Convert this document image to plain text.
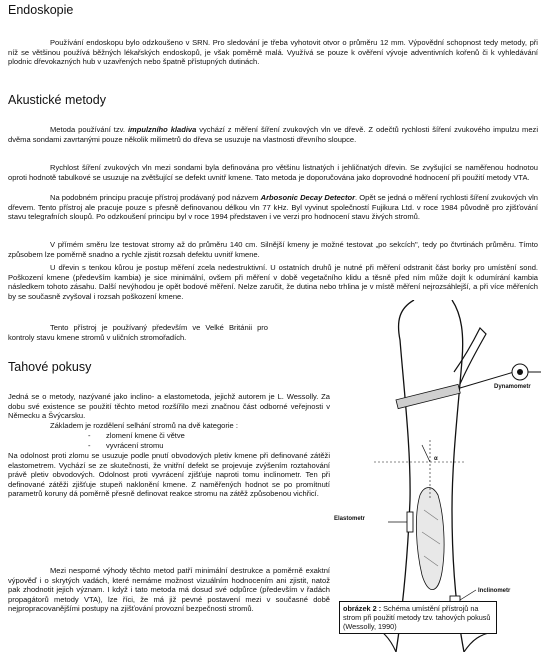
Endoskopie

Používání endoskopu bylo odzkoušeno v SRN. Pro sledování je třeba vyhotovit otvor o průměru 12 mm. Výpovědní schopnost tedy metody, při níž se většinou používá běžných lékařských endoskopů, je však poměrně malá. Využívá se pouze k ověření vývoje adventivních kořenů či k vyhledávání plodnic dřevokazných hub v uzavřených nebo špatně přístupných dutinách.

Akustické metody

Metoda používání tzv. impulzního kladiva vychází z měření šíření zvukových vln ve dřevě. Z odečtů rychlosti šíření zvukového impulzu mezi dvěma sondami zavrtanými pouze několik milimetrů do dřeva se usuzuje na vlastnosti dřevního sloupce.

Rychlost šíření zvukových vln mezi sondami byla definována pro většinu listnatých i jehličnatých dřevin. Se zvyšující se naměřenou hodnotou oproti hodnotě tabulkové se usuzuje na zvětšující se defekt uvnitř kmene. Tato metoda je doporučována jako doprovodné hodnocení při použití metody VTA.

Na podobném principu pracuje přístroj prodávaný pod názvem Arbosonic Decay Detector. Opět se jedná o měření rychlosti šíření zvukových vln dřevem. Tento přístroj ale pracuje pouze s přesně definovanou délkou vln 77 kHz. Byl vyvinut společností Fujikura Ltd. v roce 1984 původně pro zjišťování stavu telegrafních sloupů. Po odzkoušení principu byl v roce 1994 představen i ve verzi pro hodnocení stavu živých stromů.

V přímém směru lze testovat stromy až do průměru 140 cm. Silnější kmeny je možné testovat „po sekcích", tedy po čtvrtinách průměru. Tímto způsobem lze poměrně snadno a rychle zjistit rozsah defektu uvnitř kmene.

U dřevin s tenkou kůrou je postup měření zcela nedestruktivní. U ostatních druhů je nutné při měření odstranit část borky pro umístění sond. Poškození kmene (především kambia) je sice minimální, ovšem při měření v době vegetačního klidu a těsně před ním může dojít k odumírání kambia následkem tohoto zásahu. Další nevýhodou je opět bodové měření. Nelze zaručit, že dutina nebo trhlina je v místě měření nejrozsáhlejší, a při více měřeních by se současně zvyšoval i rozsah poškození kmene.

Tento přístroj je používaný především ve Velké Británii pro kontroly stavu kmene stromů v uličních stromořadích.

Tahové pokusy

Jedná se o metody, nazývané jako inclino- a elastometoda, jejichž autorem je L. Wessolly. Za dobu své existence se použití těchto metod rozšířilo mezi značnou část odborné veřejnosti v Německu a Švýcarsku.

Základem je rozdělení selhání stromů na dvě kategorie :

- zlomení kmene či větve
- vyvrácení stromu

Na odolnost proti zlomu se usuzuje podle pnutí obvodových pletiv kmene při definované zátěži elastometrem. Vychází se ze skutečnosti, že vnitřní defekt se projevuje zvýšením roztahování právě pletiv obvodových. Odolnost proti vyvrácení zjišťuje naproti tomu inclinometr. Ten při definované zátěži zjišťuje stupeň naklonění kmene. Z naměřených hodnot se po promítnutí parametrů koruny dá poměrně přesně definovat reakce stromu na zátěž způsobenou vichřicí.

Mezi nesporné výhody těchto metod patří minimální destrukce a poměrně exaktní výpověď i o skrytých vadách, které nemáme možnost vizuálním hodnocením ani zjistit, natož pak zhodnotit jejich význam. I když i tato metoda má dosud své odpůrce (především v řadách propagátorů metody VTA), lze říci, že má již pevné postavení mezi v současné době nejpropracovanějšími postupy na zjišťování provozní bezpečnosti stromů.

Dynamometr
α
Elastometr
Inclinometr
obrázek 2 : Schéma umístění přístrojů na strom při použití metody tzv. tahových pokusů (Wessolly, 1990)
